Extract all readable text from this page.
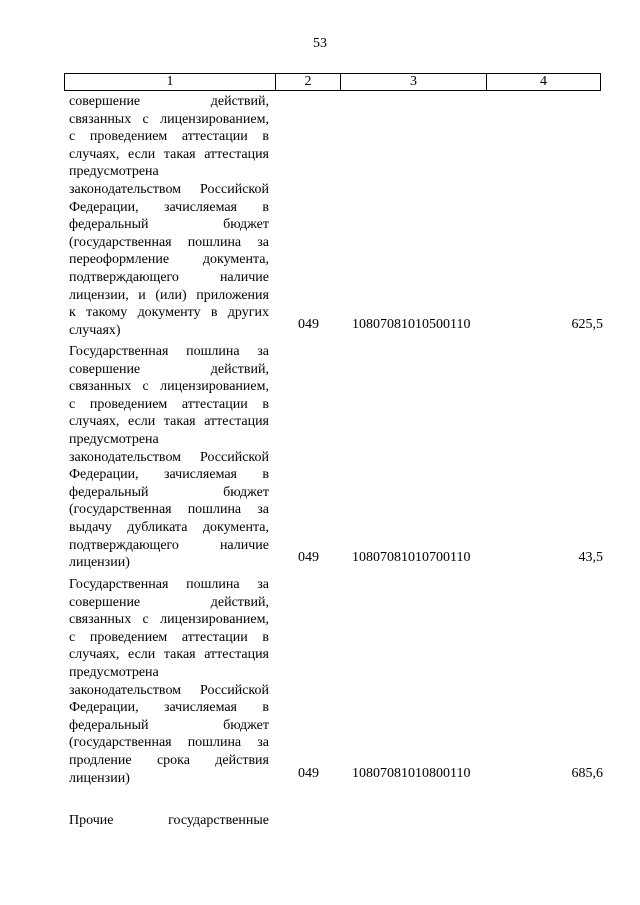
53
1	2	3	4
совершение	действий,
связанных с лицензированием,
с проведением аттестации в
случаях, если такая аттестация
предусмотрена
законодательством Российской
Федерации, зачисляемая в
федеральный	бюджет
(государственная пошлина за
переоформление документа,
подтверждающего	наличие
лицензии, и (или) приложения
к такому документу в других
случаях)	049 10807081010500110	625,5
Государственная пошлина за
совершение	действий,
связанных с лицензированием,
с проведением аттестации в
случаях, если такая аттестация
предусмотрена
законодательством Российской
Федерации, зачисляемая в
федеральный	бюджет
(государственная пошлина за
выдачу дубликата документа,
подтверждающего	наличие
лицензии)	049 10807081010700110	43,5
Государственная пошлина за
совершение	действий,
связанных с лицензированием,
с проведением аттестации в
случаях, если такая аттестация
предусмотрена
законодательством Российской
Федерации, зачисляемая в
федеральный	бюджет
(государственная пошлина за
продление срока действия
лицензии)	049 10807081010800110	685,6
Прочие	государственные
